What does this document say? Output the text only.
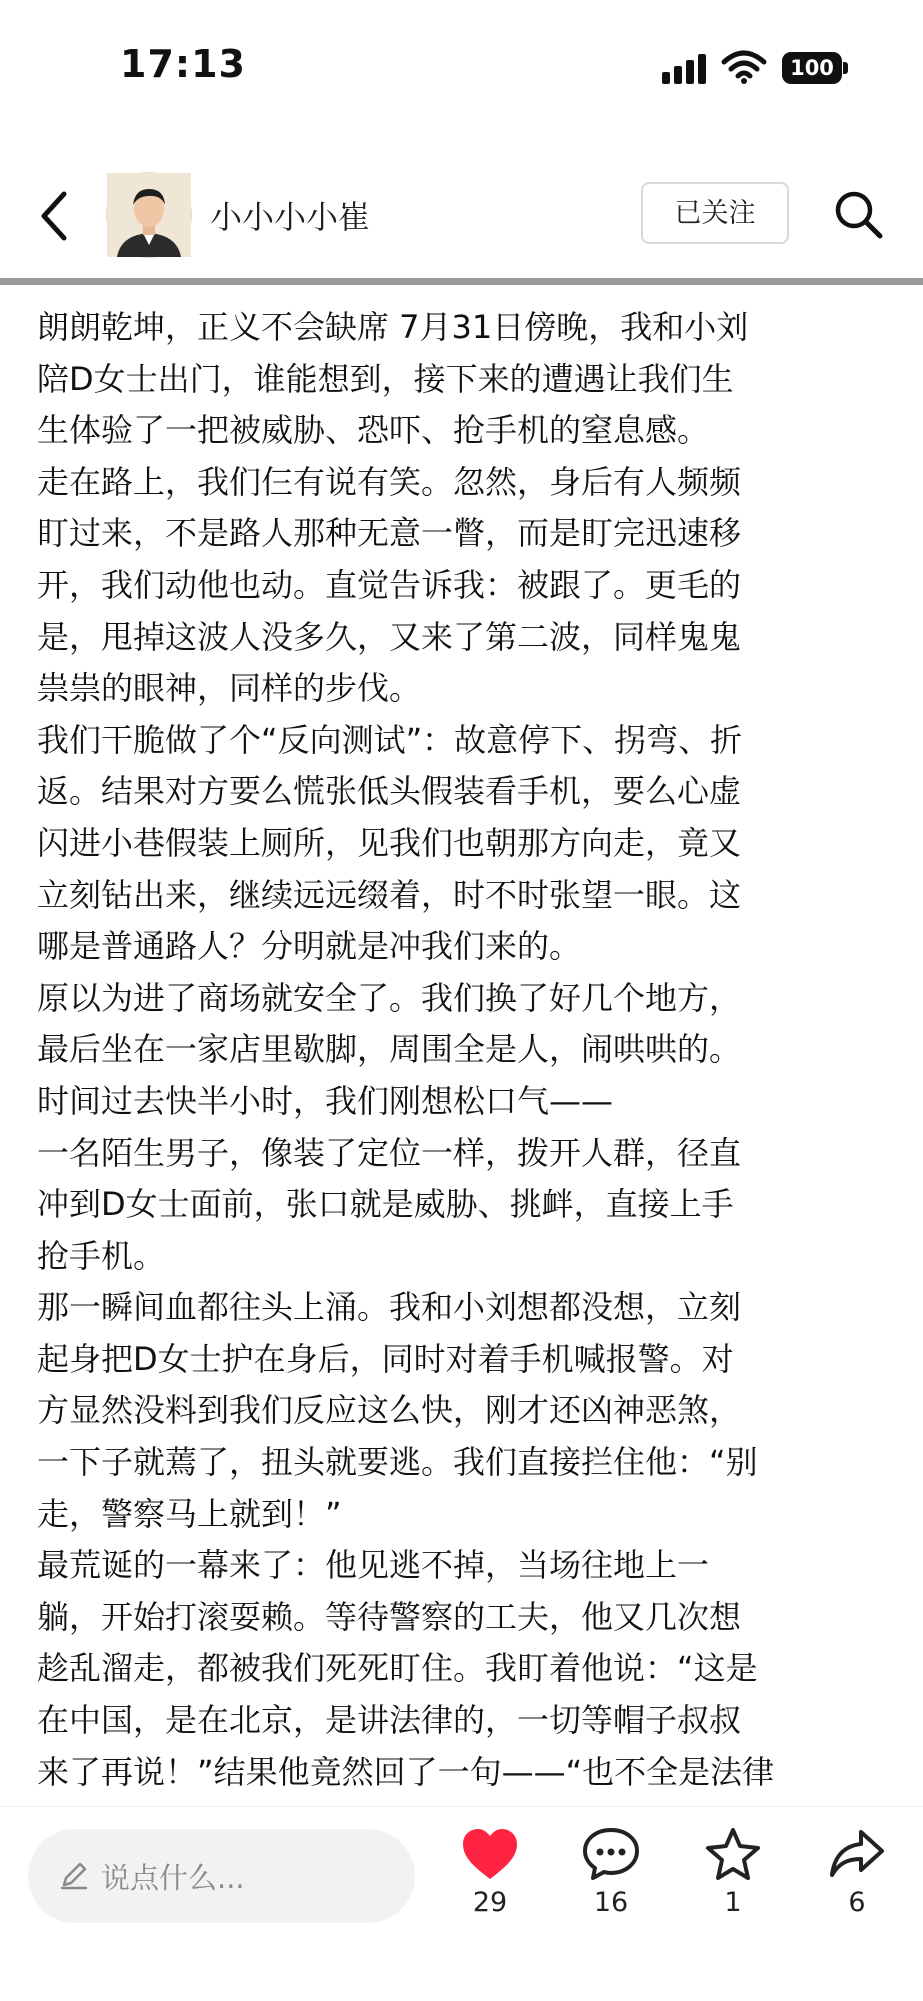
17:13	100
小小小小崔	已关注

朗朗乾坤，正义不会缺席 7月31日傍晚，我和小刘

陪D女士出门，谁能想到，接下来的遭遇让我们生

生体验了一把被威胁、恐吓、抢手机的窒息感。

走在路上，我们仨有说有笑。忽然，身后有人频频

盯过来，不是路人那种无意一瞥，而是盯完迅速移

开，我们动他也动。直觉告诉我：被跟了。更毛的

是，甩掉这波人没多久，又来了第二波，同样鬼鬼

祟祟的眼神，同样的步伐。

我们干脆做了个“反向测试”：故意停下、拐弯、折

返。结果对方要么慌张低头假装看手机，要么心虚

闪进小巷假装上厕所，见我们也朝那方向走，竟又

立刻钻出来，继续远远缀着，时不时张望一眼。这

哪是普通路人？分明就是冲我们来的。

原以为进了商场就安全了。我们换了好几个地方，

最后坐在一家店里歇脚，周围全是人，闹哄哄的。

时间过去快半小时，我们刚想松口气——

一名陌生男子，像装了定位一样，拨开人群，径直

冲到D女士面前，张口就是威胁、挑衅，直接上手

抢手机。

那一瞬间血都往头上涌。我和小刘想都没想，立刻

起身把D女士护在身后，同时对着手机喊报警。对

方显然没料到我们反应这么快，刚才还凶神恶煞，

一下子就蔫了，扭头就要逃。我们直接拦住他：“别

走，警察马上就到！”

最荒诞的一幕来了：他见逃不掉，当场往地上一

躺，开始打滚耍赖。等待警察的工夫，他又几次想

趁乱溜走，都被我们死死盯住。我盯着他说：“这是

在中国，是在北京，是讲法律的，一切等帽子叔叔

来了再说！”结果他竟然回了一句——“也不全是法律

说点什么...
29	16	1	6
